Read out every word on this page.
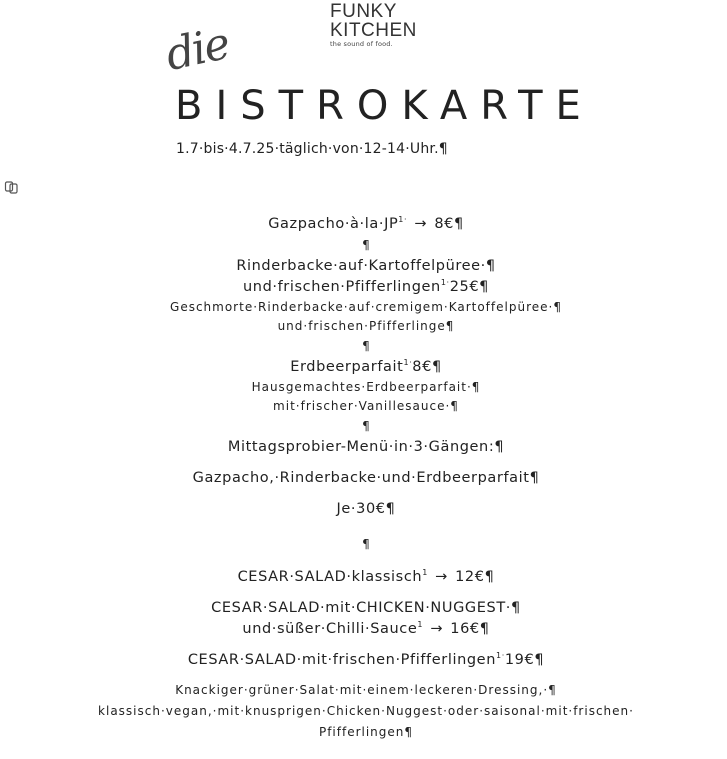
FUNKY
KITCHEN
the sound of food.
die
BISTROKARTE
1.7·bis·4.7.25·täglich·von·12-14·Uhr.¶
$Gazpacho\cdot à\cdot la\cdot JP^{1\cdot}$ → 8€¶
¶
Rinderbacke·auf·Kartoffelpüree·¶
und·frischen·Pfifferlingen$^{1\cdot}$25€¶
Geschmorte·Rinderbacke·auf·cremigem·Kartoffelpüree·¶
und·frischen·Pfifferlinge¶
¶
Erdbeerparfait$^{1\cdot}$8€¶
Hausgemachtes·Erdbeerparfait·¶
mit·frischer·Vanillesauce·¶
¶
Mittagsprobier-Menü·in·3·Gängen:¶
Gazpacho,·Rinderbacke·und·Erdbeerparfait¶
Je·30€¶
¶
CESAR·SALAD·klassisch$^1$ → 12€¶
CESAR·SALAD·mit·CHICKEN·NUGGEST·¶
und·süßer·Chilli·Sauce$^1$ → 16€¶
CESAR·SALAD·mit·frischen·Pfifferlingen$^{1\cdot}$19€¶
Knackiger·grüner·Salat·mit·einem·leckeren·Dressing,·¶
klassisch·vegan,·mit·knusprigen·Chicken·Nuggest·oder·saisonal·mit·frischen·
Pfifferlingen¶
